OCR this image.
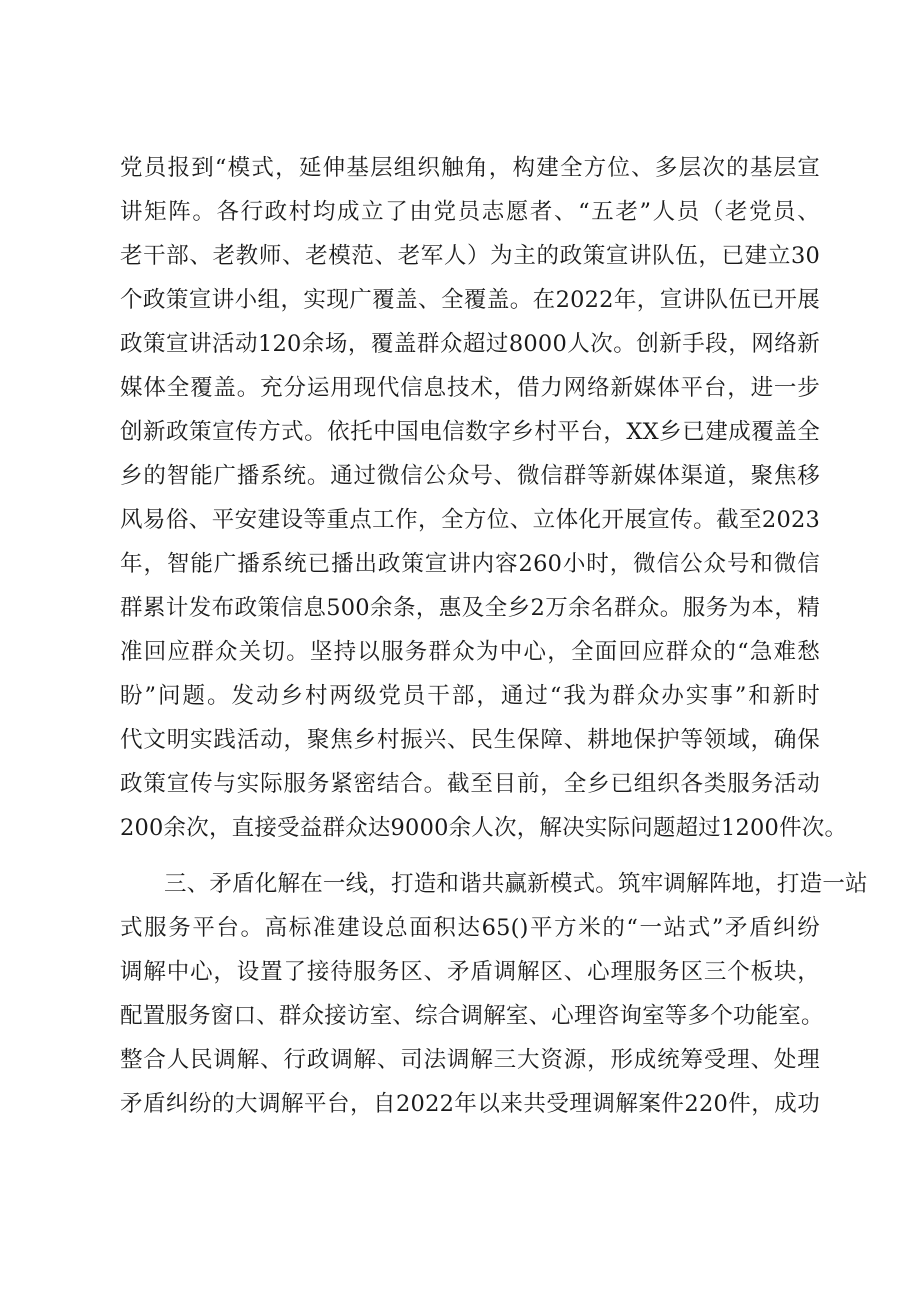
党员报到“模式，延伸基层组织触角，构建全方位、多层次的基层宣
讲矩阵。各行政村均成立了由党员志愿者、“五老”人员（老党员、
老干部、老教师、老模范、老军人）为主的政策宣讲队伍，已建立30
个政策宣讲小组，实现广覆盖、全覆盖。在2022年，宣讲队伍已开展
政策宣讲活动120余场，覆盖群众超过8000人次。创新手段，网络新
媒体全覆盖。充分运用现代信息技术，借力网络新媒体平台，进一步
创新政策宣传方式。依托中国电信数字乡村平台，XX乡已建成覆盖全
乡的智能广播系统。通过微信公众号、微信群等新媒体渠道，聚焦移
风易俗、平安建设等重点工作，全方位、立体化开展宣传。截至2023
年，智能广播系统已播出政策宣讲内容260小时，微信公众号和微信
群累计发布政策信息500余条，惠及全乡2万余名群众。服务为本，精
准回应群众关切。坚持以服务群众为中心，全面回应群众的“急难愁
盼”问题。发动乡村两级党员干部，通过“我为群众办实事”和新时
代文明实践活动，聚焦乡村振兴、民生保障、耕地保护等领域，确保
政策宣传与实际服务紧密结合。截至目前，全乡已组织各类服务活动
200余次，直接受益群众达9000余人次，解决实际问题超过1200件次。
三、矛盾化解在一线，打造和谐共赢新模式。筑牢调解阵地，打造一站
式服务平台。高标准建设总面积达65()平方米的“一站式”矛盾纠纷
调解中心，设置了接待服务区、矛盾调解区、心理服务区三个板块，
配置服务窗口、群众接访室、综合调解室、心理咨询室等多个功能室。
整合人民调解、行政调解、司法调解三大资源，形成统筹受理、处理
矛盾纠纷的大调解平台，自2022年以来共受理调解案件220件，成功
